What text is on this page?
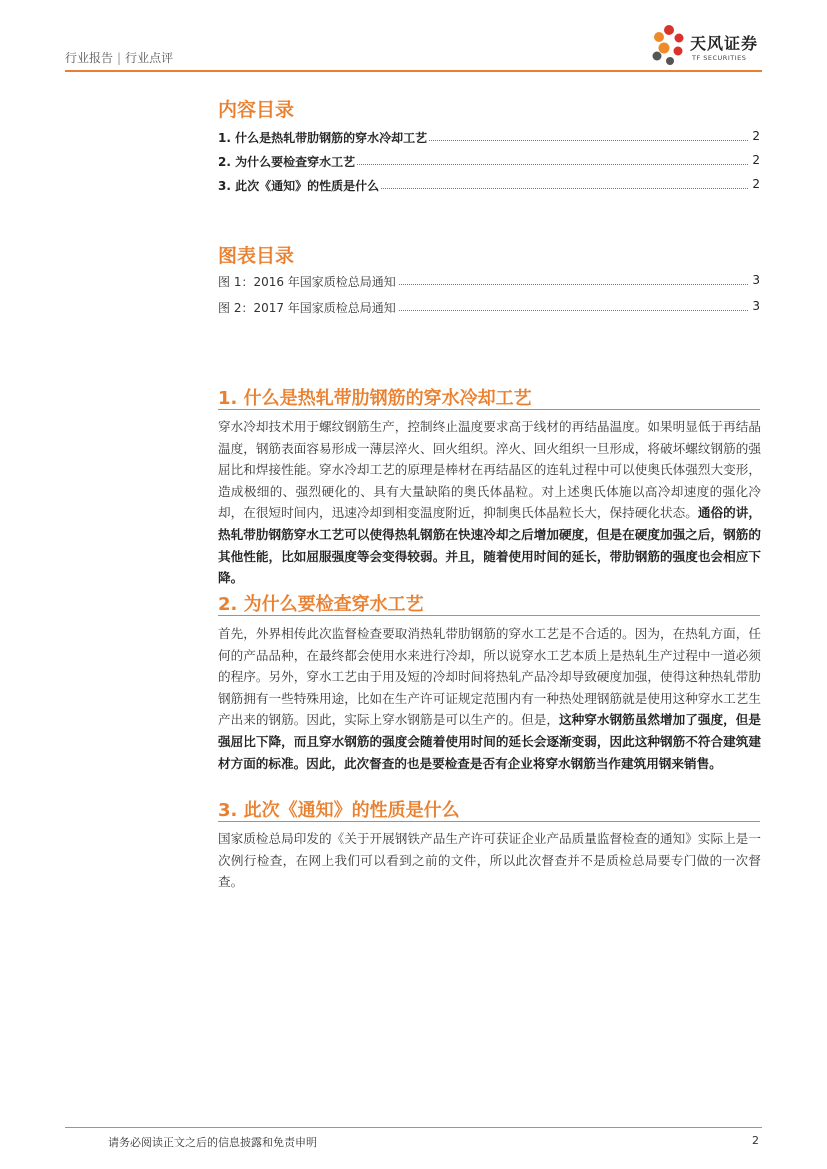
行业报告 | 行业点评
天风证券
TF SECURITIES
内容目录
1. 什么是热轧带肋钢筋的穿水冷却工艺	2
2. 为什么要检查穿水工艺	2
3. 此次《通知》的性质是什么	2
图表目录
图 1：2016 年国家质检总局通知	3
图 2：2017 年国家质检总局通知	3
1. 什么是热轧带肋钢筋的穿水冷却工艺
穿水冷却技术用于螺纹钢筋生产，控制终止温度要求高于线材的再结晶温度。如果明显低于再结晶温度，钢筋表面容易形成一薄层淬火、回火组织。淬火、回火组织一旦形成，将破坏螺纹钢筋的强屈比和焊接性能。穿水冷却工艺的原理是棒材在再结晶区的连轧过程中可以使奥氏体强烈大变形，造成极细的、强烈硬化的、具有大量缺陷的奥氏体晶粒。对上述奥氏体施以高冷却速度的强化冷却，在很短时间内，迅速冷却到相变温度附近，抑制奥氏体晶粒长大，保持硬化状态。通俗的讲，热轧带肋钢筋穿水工艺可以使得热轧钢筋在快速冷却之后增加硬度，但是在硬度加强之后，钢筋的其他性能，比如屈服强度等会变得较弱。并且，随着使用时间的延长，带肋钢筋的强度也会相应下降。
2. 为什么要检查穿水工艺
首先，外界相传此次监督检查要取消热轧带肋钢筋的穿水工艺是不合适的。因为，在热轧方面，任何的产品品种，在最终都会使用水来进行冷却，所以说穿水工艺本质上是热轧生产过程中一道必须的程序。另外，穿水工艺由于用及短的冷却时间将热轧产品冷却导致硬度加强，使得这种热轧带肋钢筋拥有一些特殊用途，比如在生产许可证规定范围内有一种热处理钢筋就是使用这种穿水工艺生产出来的钢筋。因此，实际上穿水钢筋是可以生产的。但是，这种穿水钢筋虽然增加了强度，但是强屈比下降，而且穿水钢筋的强度会随着使用时间的延长会逐渐变弱，因此这种钢筋不符合建筑建材方面的标准。因此，此次督查的也是要检查是否有企业将穿水钢筋当作建筑用钢来销售。
3. 此次《通知》的性质是什么
国家质检总局印发的《关于开展钢铁产品生产许可获证企业产品质量监督检查的通知》实际上是一次例行检查，在网上我们可以看到之前的文件，所以此次督查并不是质检总局要专门做的一次督查。
请务必阅读正文之后的信息披露和免责申明	2
